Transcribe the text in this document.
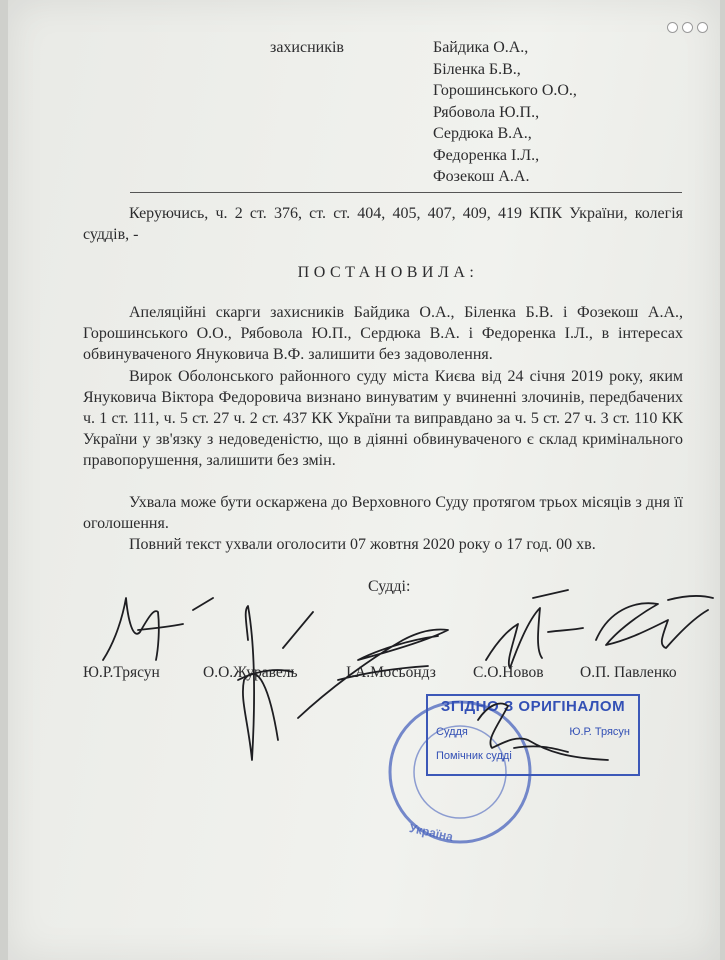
захисників	Байдика О.А.,
Біленка Б.В.,
Горошинського О.О.,
Рябовола Ю.П.,
Сердюка В.А.,
Федоренка І.Л.,
Фозекош А.А.
Керуючись, ч. 2 ст. 376, ст. ст. 404, 405, 407, 409, 419 КПК України, колегія суддів, -
ПОСТАНОВИЛА:
Апеляційні скарги захисників Байдика О.А., Біленка Б.В. і Фозекош А.А., Горошинського О.О., Рябовола Ю.П., Сердюка В.А. і Федоренка І.Л., в інтересах обвинуваченого Януковича В.Ф. залишити без задоволення.
Вирок Оболонського районного суду міста Києва від 24 січня 2019 року, яким Януковича Віктора Федоровича визнано винуватим у вчиненні злочинів, передбачених ч. 1 ст. 111, ч. 5 ст. 27 ч. 2 ст. 437 КК України та виправдано за ч. 5 ст. 27 ч. 3 ст. 110 КК України у зв'язку з недоведеністю, що в діянні обвинуваченого є склад кримінального правопорушення, залишити без змін.
Ухвала може бути оскаржена до Верховного Суду протягом трьох місяців з дня її оголошення.
Повний текст ухвали оголосити 07 жовтня 2020 року о 17 год. 00 хв.
Судді:
Україна
Ю.Р.Трясун	О.О.Журавель	І.А.Мосьондз С.О.Новов О.П. Павленко
ЗГІДНО З ОРИГІНАЛОМ
Суддя	Ю.Р. Трясун
Помічник судді
